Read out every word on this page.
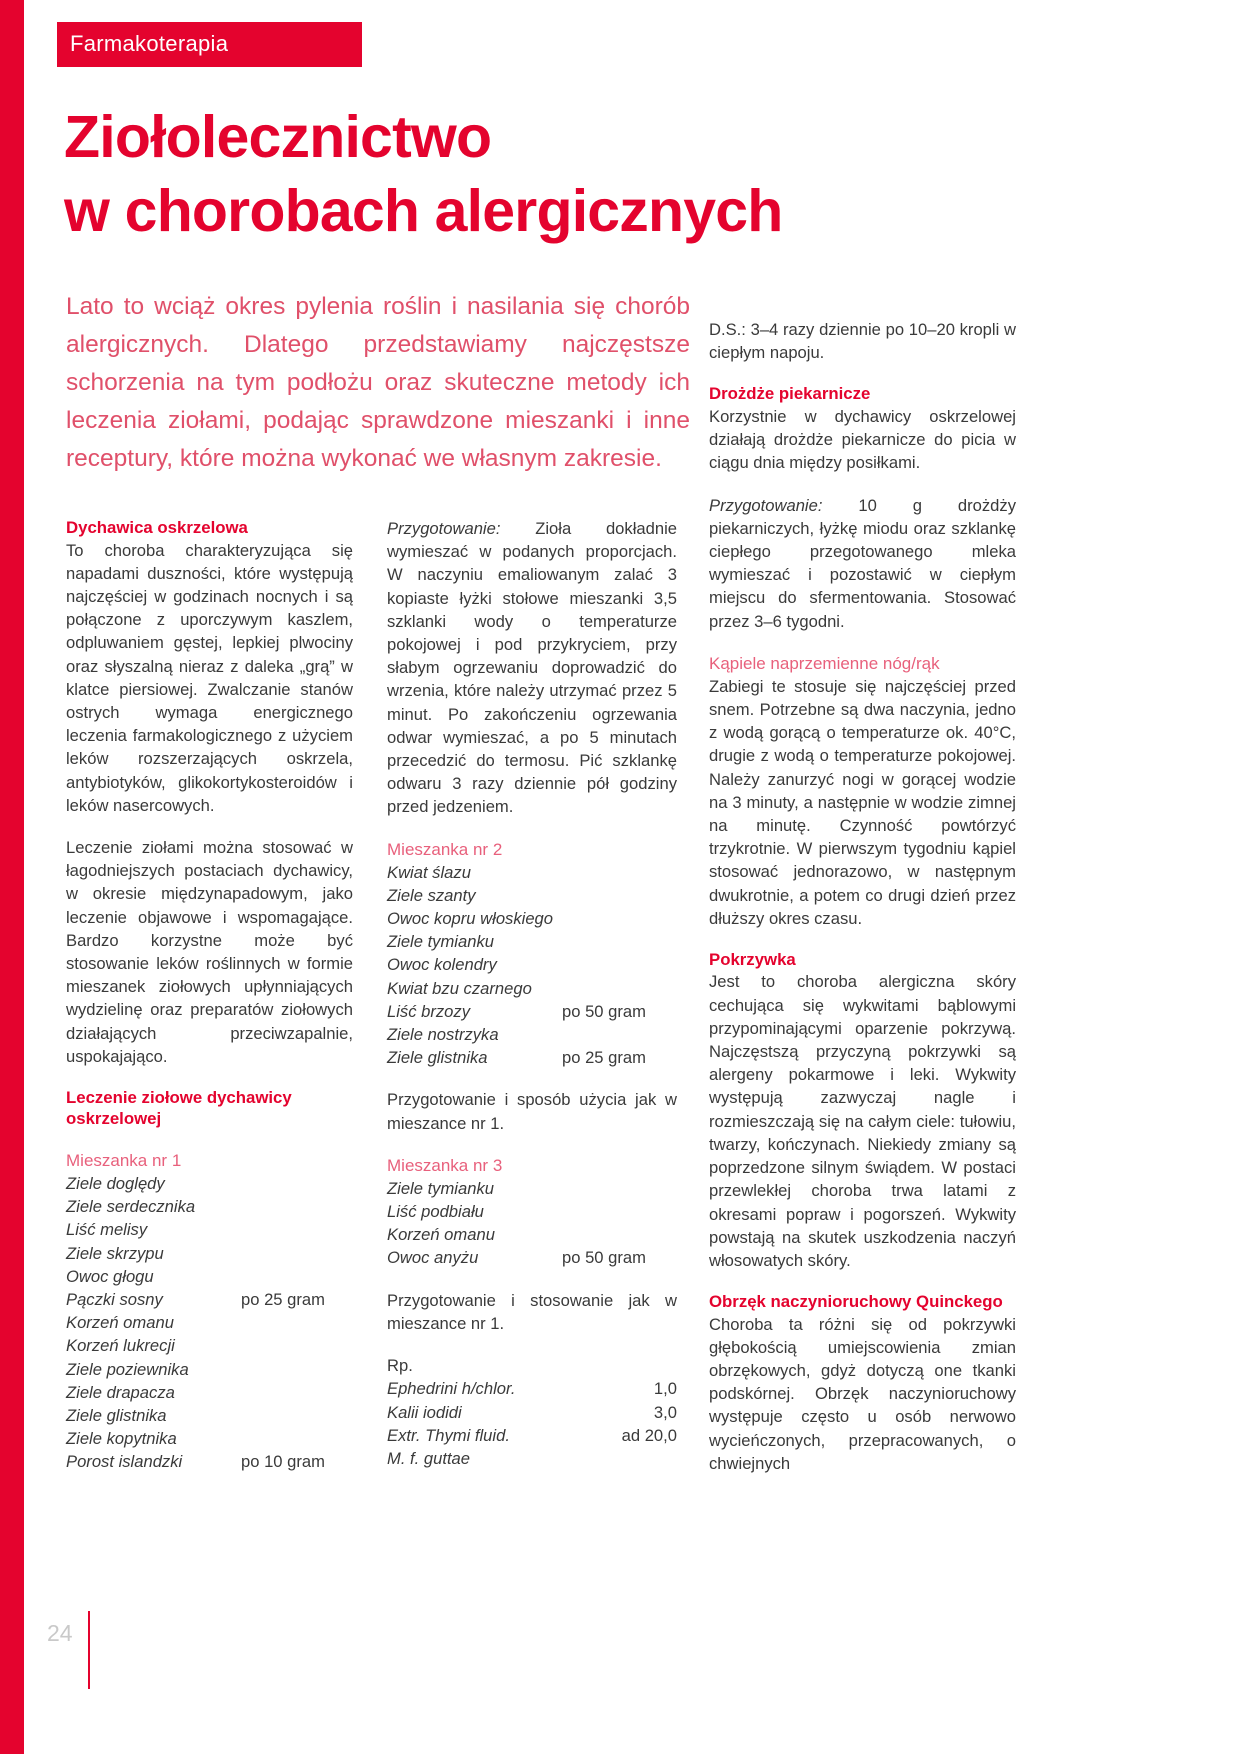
Farmakoterapia
Ziołolecznictwo
w chorobach alergicznych
Lato to wciąż okres pylenia roślin i nasilania się chorób alergicznych. Dlatego przedstawiamy najczęstsze schorzenia na tym podłożu oraz skuteczne metody ich leczenia ziołami, podając sprawdzone mieszanki i inne receptury, które można wykonać we własnym zakresie.
Dychawica oskrzelowa

To choroba charakteryzująca się napadami duszności, które występują najczęściej w godzinach nocnych i są połączone z uporczywym kaszlem, odpluwaniem gęstej, lepkiej plwociny oraz słyszalną nieraz z daleka „grą” w klatce piersiowej. Zwalczanie stanów ostrych wymaga energicznego leczenia farmakologicznego z użyciem leków rozszerzających oskrzela, antybiotyków, glikokortykosteroidów i leków nasercowych.

Leczenie ziołami można stosować w łagodniejszych postaciach dychawicy, w okresie międzynapadowym, jako leczenie objawowe i wspomagające. Bardzo korzystne może być stosowanie leków roślinnych w formie mieszanek ziołowych upłynniających wydzielinę oraz preparatów ziołowych działających przeciwzapalnie, uspokajająco.

Leczenie ziołowe dychawicy oskrzelowej
Mieszanka nr 1
Ziele doględy
Ziele serdecznika
Liść melisy
Ziele skrzypu
Owoc głogu
Pączki sosny	po 25 gram
Korzeń omanu
Korzeń lukrecji
Ziele poziewnika
Ziele drapacza
Ziele glistnika
Ziele kopytnika
Porost islandzki	po 10 gram

Przygotowanie: Zioła dokładnie wymieszać w podanych proporcjach. W naczyniu emaliowanym zalać 3 kopiaste łyżki stołowe mieszanki 3,5 szklanki wody o temperaturze pokojowej i pod przykryciem, przy słabym ogrzewaniu doprowadzić do wrzenia, które należy utrzymać przez 5 minut. Po zakończeniu ogrzewania odwar wymieszać, a po 5 minutach przecedzić do termosu. Pić szklankę odwaru 3 razy dziennie pół godziny przed jedzeniem.

Mieszanka nr 2
Kwiat ślazu
Ziele szanty
Owoc kopru włoskiego
Ziele tymianku
Owoc kolendry
Kwiat bzu czarnego
Liść brzozy	po 50 gram
Ziele nostrzyka
Ziele glistnika	po 25 gram

Przygotowanie i sposób użycia jak w mieszance nr 1.

Mieszanka nr 3
Ziele tymianku
Liść podbiału
Korzeń omanu
Owoc anyżu	po 50 gram

Przygotowanie i stosowanie jak w mieszance nr 1.

Rp.
Ephedrini h/chlor.	1,0
Kalii iodidi	3,0
Extr. Thymi fluid.	ad 20,0
M. f. guttae

D.S.: 3–4 razy dziennie po 10–20 kropli w ciepłym napoju.

Drożdże piekarnicze

Korzystnie w dychawicy oskrzelowej działają drożdże piekarnicze do picia w ciągu dnia między posiłkami.

Przygotowanie: 10 g drożdży piekarniczych, łyżkę miodu oraz szklankę ciepłego przegotowanego mleka wymieszać i pozostawić w ciepłym miejscu do sfermentowania. Stosować przez 3–6 tygodni.

Kąpiele naprzemienne nóg/rąk

Zabiegi te stosuje się najczęściej przed snem. Potrzebne są dwa naczynia, jedno z wodą gorącą o temperaturze ok. 40°C, drugie z wodą o temperaturze pokojowej. Należy zanurzyć nogi w gorącej wodzie na 3 minuty, a następnie w wodzie zimnej na minutę. Czynność powtórzyć trzykrotnie. W pierwszym tygodniu kąpiel stosować jednorazowo, w następnym dwukrotnie, a potem co drugi dzień przez dłuższy okres czasu.

Pokrzywka

Jest to choroba alergiczna skóry cechująca się wykwitami bąblowymi przypominającymi oparzenie pokrzywą. Najczęstszą przyczyną pokrzywki są alergeny pokarmowe i leki. Wykwity występują zazwyczaj nagle i rozmieszczają się na całym ciele: tułowiu, twarzy, kończynach. Niekiedy zmiany są poprzedzone silnym świądem. W postaci przewlekłej choroba trwa latami z okresami popraw i pogorszeń. Wykwity powstają na skutek uszkodzenia naczyń włosowatych skóry.

Obrzęk naczynioruchowy Quinckego

Choroba ta różni się od pokrzywki głębokością umiejscowienia zmian obrzękowych, gdyż dotyczą one tkanki podskórnej. Obrzęk naczynioruchowy występuje często u osób nerwowo wycieńczonych, przepracowanych, o chwiejnych

24
